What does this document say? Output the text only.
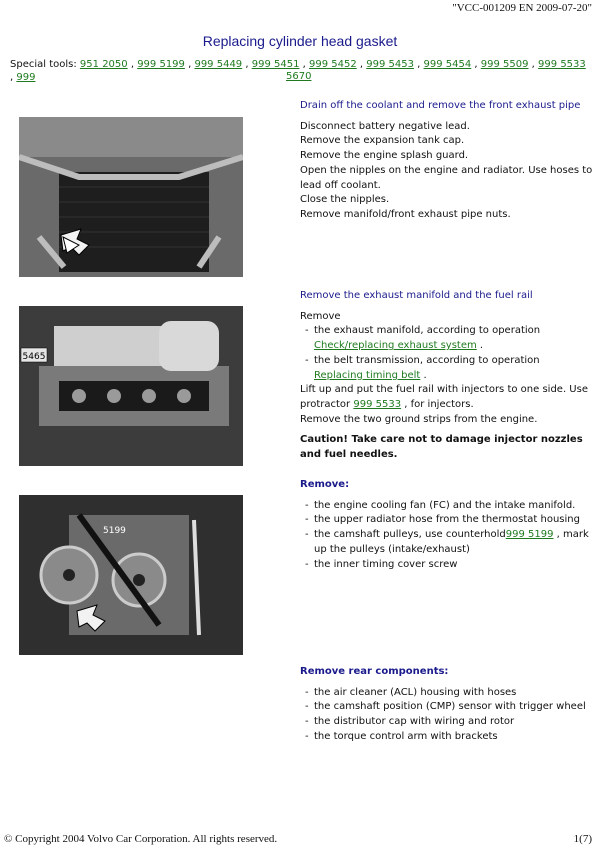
"VCC-001209 EN 2009-07-20"
Replacing cylinder head gasket
Special tools: 951 2050 , 999 5199 , 999 5449 , 999 5451 , 999 5452 , 999 5453 , 999 5454 , 999 5509 , 999 5533 , 999	5670
Drain off the coolant and remove the front exhaust pipe

Disconnect battery negative lead.

Remove the expansion tank cap.

Remove the engine splash guard.

Open the nipples on the engine and radiator. Use hoses to lead off coolant.

Close the nipples.

Remove manifold/front exhaust pipe nuts.

5465
Remove the exhaust manifold and the fuel rail

Remove

- the exhaust manifold, according to operation
Check/replacing exhaust system .
- the belt transmission, according to operation
Replacing timing belt .

Lift up and put the fuel rail with injectors to one side. Use protractor 999 5533 , for injectors.

Remove the two ground strips from the engine.

Caution! Take care not to damage injector nozzles and fuel needles.

5199
Remove:
- the engine cooling fan (FC) and the intake manifold.
- the upper radiator hose from the thermostat housing
- the camshaft pulleys, use counterhold999 5199 , mark up the pulleys (intake/exhaust)
- the inner timing cover screw
Remove rear components:
- the air cleaner (ACL) housing with hoses
- the camshaft position (CMP) sensor with trigger wheel
- the distributor cap with wiring and rotor
- the torque control arm with brackets
© Copyright 2004 Volvo Car Corporation. All rights reserved.	1(7)
